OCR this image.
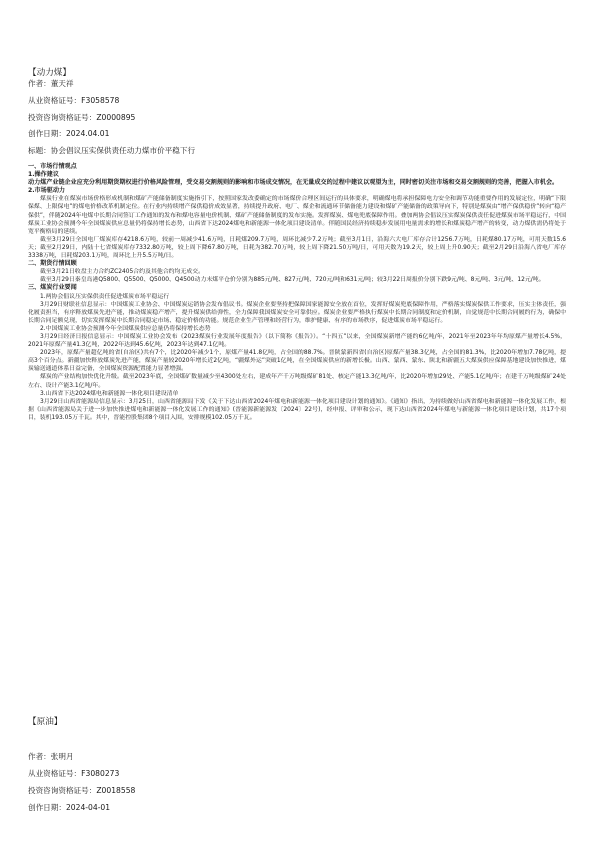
【动力煤】
作者：董天祥
从业资格证号：F3058578
投资咨询资格证号：Z0000895
创作日期：2024.04.01
标题：协会倡议压实保供责任动力煤市价平稳下行

一、市场行情观点

1.操作建议

动力煤产业链企业应充分利用期货期权进行价格风险管理，受交易交割规则的影响和市场成交情况，在无量成交的过程中建议以观望为主，同时密切关注市场和交易交割规则的完善，把握入市机会。

2.市场驱动力

煤炭行业在煤炭市场价格形成机制和煤矿产能储备制度实施指引下，按照国家发改委确定的市场煤价合理区间运行的具体要求，明确煤电将承担保障电力安全和调节功能重要作用的发展定位，明确“下限保煤、上限保电”的煤电价格改革机制定位。在行业内持续增产保供稳价成效显著，持续提升政府、电厂、煤企和流通环节储备能力建设和煤矿产能储备的政策导向下，特别是煤炭由“增产保供稳价”转向“稳产保供”，伴随2024年电煤中长期合同签订工作通知的发布和煤电容量电价机制、煤矿产能储备制度的发布实施。发挥煤炭、煤电兜底保障作用。叠加两协会倡议压实煤炭保供责任促进煤炭市场平稳运行，中国煤炭工业协会预测今年全国煤炭供应总量仍将保持增长态势，山西省下达2024煤电和新能源一体化项目建设清单。伴随国民经济持续稳步发展用电量需求的增长和煤炭稳产增产的转变，动力煤供需仍将处于宽平衡格局的延续。

截至3月29日全国电厂煤炭库存4218.6万吨，较前一周减少41.6万吨，日耗煤209.7万吨，周环比减少7.2万吨；截至3月1日，沿海六大电厂库存合计1256.7万吨，日耗煤80.17万吨，可用天数15.6天；截至2月29日，内陆十七省煤炭库存7332.80万吨，较上周下降67.80万吨，日耗为382.70万吨，较上周下降21.50万吨/日，可用天数为19.2天，较上周上升0.90天；截至2月29日沿海八省电厂库存3338万吨，日耗煤203.1万吨，周环比上升5.5万吨/日。

二、期货行情回顾

截至3月21日收盘主力合约ZC2405合约及其他合约均无成交。

截至3月29日秦皇岛港Q5800、Q5500、Q5000、Q4500动力末煤平仓价分别为885元/吨、827元/吨、720元/吨和631元/吨；较3月22日周报价分别下跌9元/吨、8元/吨、3元/吨、12元/吨。

三、煤炭行业要闻

1.两协会倡议压实保供责任促进煤炭市场平稳运行

3月29日财联社信息显示：中国煤炭工业协会、中国煤炭运销协会发布倡议书。煤炭企业要坚持把保障国家能源安全放在首位，发挥好煤炭兜底保障作用，严格落实煤炭保供工作要求，压实主体责任，强化履责担当，有序释放煤炭先进产能，推动煤炭稳产增产，提升煤炭供给弹性，全力保障我国煤炭安全可靠供应。煤炭企业要严格执行煤炭中长期合同制度和定价机制，自觉规范中长期合同履约行为，确保中长期合同足额兑现，切实发挥煤炭中长期合同稳定市场、稳定价格的功能。规范企业生产管理和经营行为，维护健康、有序的市场秩序，促进煤炭市场平稳运行。

2.中国煤炭工业协会预测今年全国煤炭供应总量仍将保持增长态势

3月29日经济日报信息显示：中国煤炭工业协会发布《2023煤炭行业发展年度报告》（以下简称《报告》）。“十四五”以来，全国煤炭新增产能约6亿吨/年，2021年至2023年年均原煤产量增长4.5%，2021年原煤产量41.3亿吨，2022年达到45.6亿吨，2023年达到47.1亿吨。

2023年，原煤产量超亿吨的省(自治区)共有7个，比2020年减少1个，原煤产量41.8亿吨，占全国的88.7%。晋陕蒙新四省(自治区)原煤产量38.3亿吨，占全国的81.3%，比2020年增加7.78亿吨，提高3个百分点。新疆加快释放煤炭先进产能，煤炭产量较2020年增长近2亿吨，“疆煤外运”突破1亿吨，在全国煤炭供应的新增长极。山西、蒙西、蒙东、陕北和新疆五大煤炭供应保障基地建设加快推进，煤炭输送通道体系日益完备，全国煤炭资源配置能力显著增强。

煤炭的产业结构加快优化升级。截至2023年底，全国煤矿数量减少至4300处左右，建成年产千万吨级煤矿81处、核定产能13.3亿吨/年，比2020年增加29处、产能5.1亿吨/年；在建千万吨级煤矿24处左右、设计产能3.1亿吨/年。

3.山西省下达2024煤电和新能源一体化项目建设清单

3月29日山西省能源局信息显示：3月25日，山西省能源局下发《关于下达山西省2024年煤电和新能源一体化项目建设计划的通知》。《通知》指出，为持续做好山西省煤电和新能源一体化发展工作，根据《山西省能源局关于进一步加快推进煤电和新能源一体化发展工作的通知》(晋能源新能源发〔2024〕22号)，经申报、评审和公示，现下达山西省2024年煤电与新能源一体化项目建设计划，共17个项目，装机193.05万千瓦。其中，晋能控股集团8个项目入围，安排规模102.05万千瓦。

【原油】
作者：张明月
从业资格证号：F3080273
投资咨询资格证号：Z0018558
创作日期：2024-04-01
